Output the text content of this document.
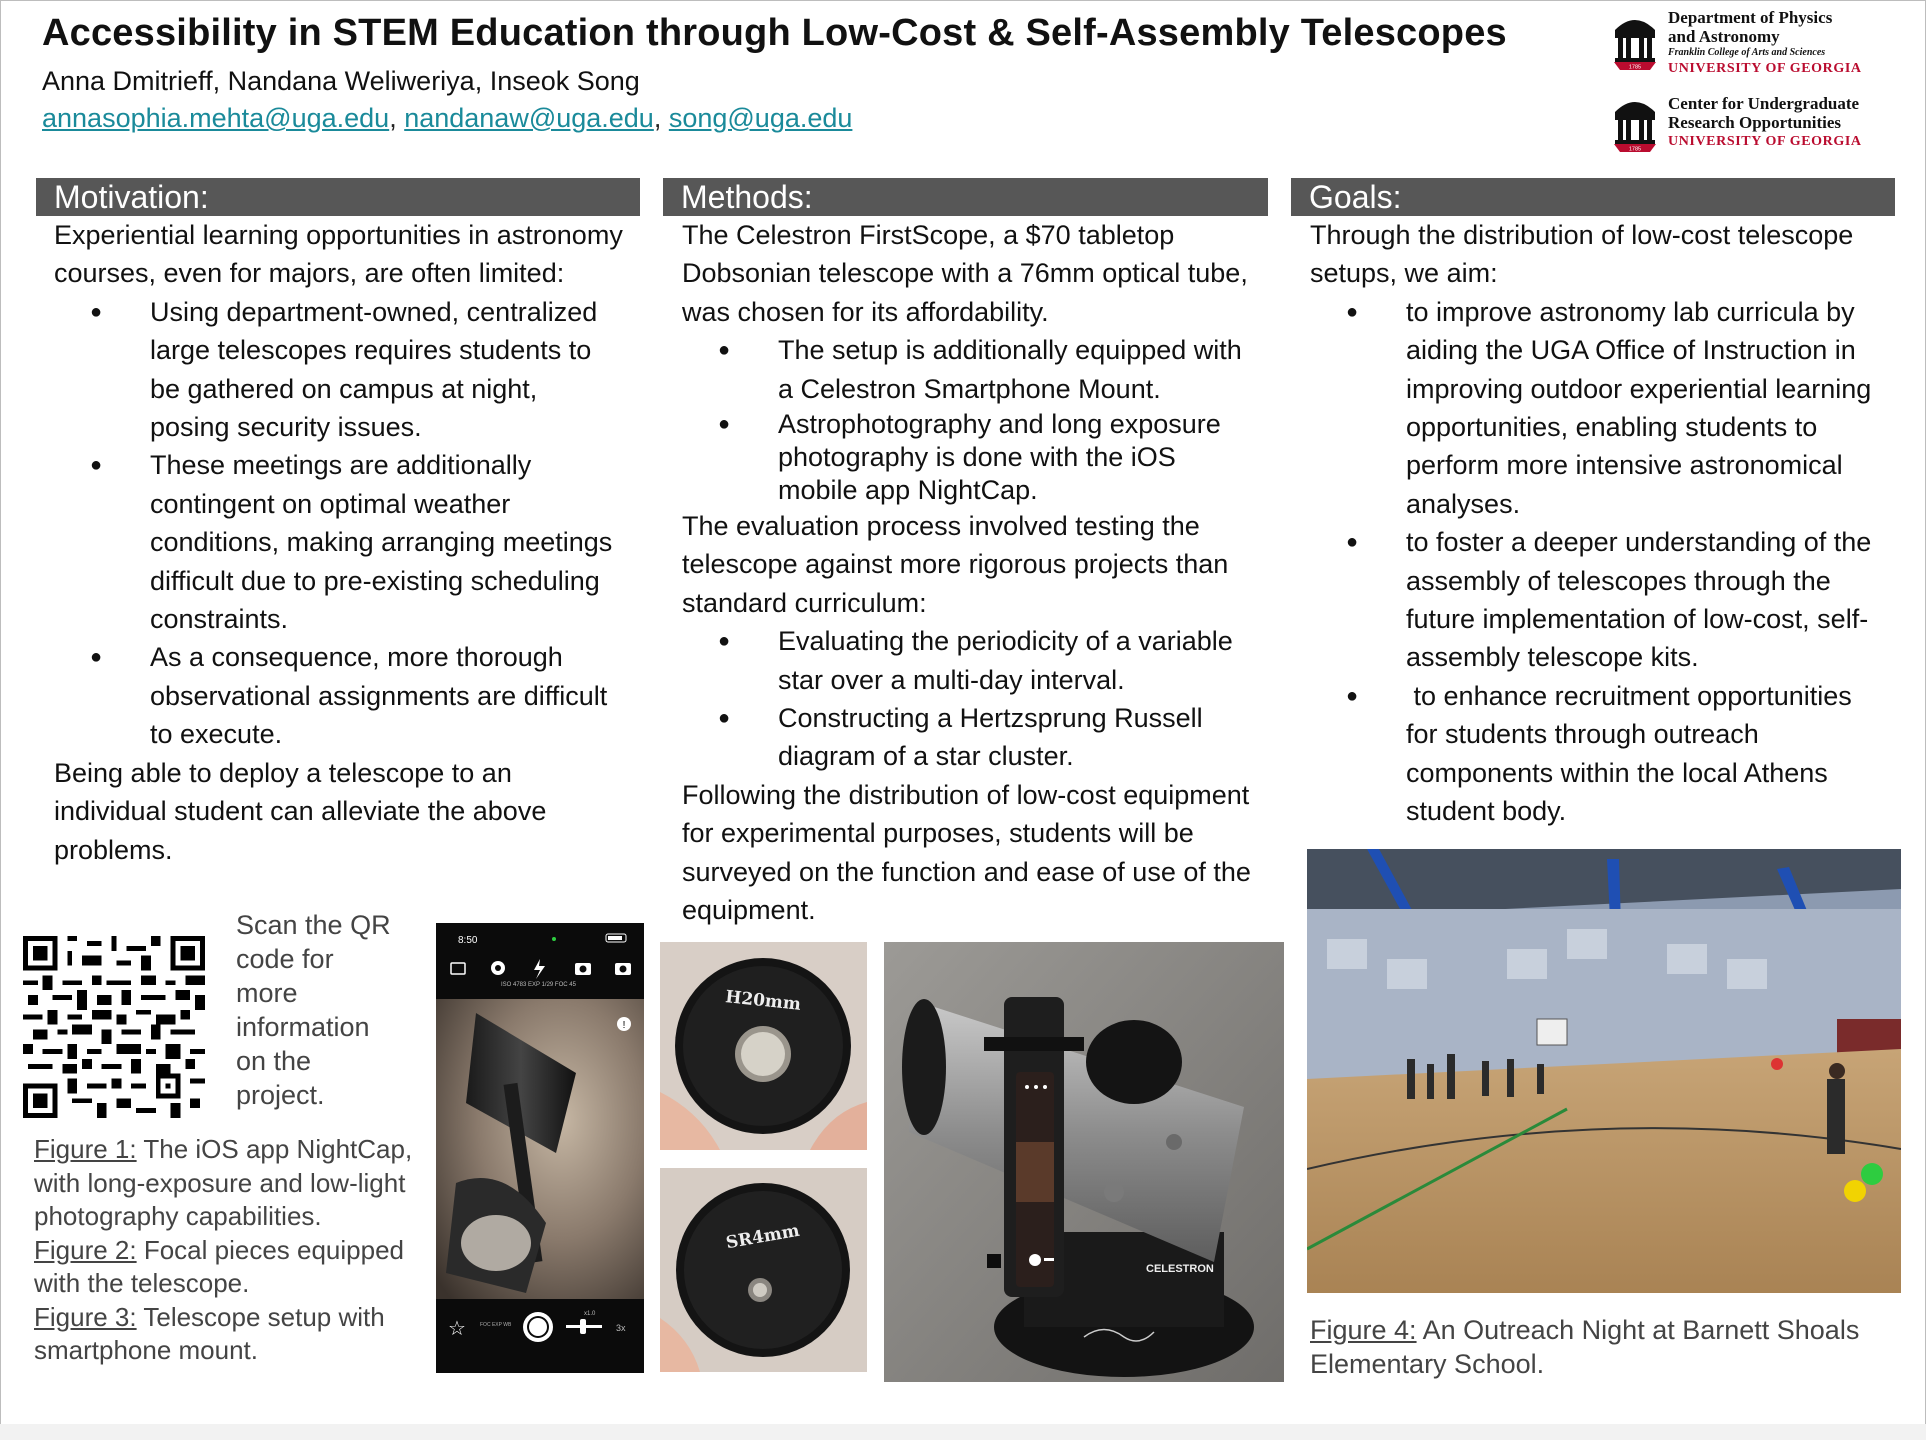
Accessibility in STEM Education through Low-Cost & Self-Assembly Telescopes
Anna Dmitrieff, Nandana Weliweriya, Inseok Song
annasophia.mehta@uga.edu, nandanaw@uga.edu, song@uga.edu
1785
Department of Physics
and Astronomy
Franklin College of Arts and Sciences
UNIVERSITY OF GEORGIA
1785
Center for Undergraduate
Research Opportunities
UNIVERSITY OF GEORGIA
Motivation:	Methods:	Goals:

Experiential learning opportunities in astronomy courses, even for majors, are often limited:

● Using department-owned, centralized large telescopes requires students to be gathered on campus at night, posing security issues.
● These meetings are additionally contingent on optimal weather conditions, making arranging meetings difficult due to pre-existing scheduling constraints.
● As a consequence, more thorough observational assignments are difficult to execute.

Being able to deploy a telescope to an individual student can alleviate the above problems.

The Celestron FirstScope, a $70 tabletop Dobsonian telescope with a 76mm optical tube, was chosen for its affordability.

● The setup is additionally equipped with a Celestron Smartphone Mount.
● Astrophotography and long exposure photography is done with the iOS mobile app NightCap.

The evaluation process involved testing the telescope against more rigorous projects than standard curriculum:

● Evaluating the periodicity of a variable star over a multi-day interval.
● Constructing a Hertzsprung Russell diagram of a star cluster.

Following the distribution of low-cost equipment for experimental purposes, students will be surveyed on the function and ease of use of the equipment.

Through the distribution of low-cost telescope setups, we aim:

● to improve astronomy lab curricula by aiding the UGA Office of Instruction in improving outdoor experiential learning opportunities, enabling students to perform more intensive astronomical analyses.
● to foster a deeper understanding of the assembly of telescopes through the future implementation of low-cost, self-assembly telescope kits.
●  to enhance recruitment opportunities for students through outreach components within the local Athens student body.
Scan the QR code for more information on the project.
Figure 1: The iOS app NightCap, with long-exposure and low-light photography capabilities.
Figure 2: Focal pieces equipped with the telescope.
Figure 3: Telescope setup with smartphone mount.
8:50
ISO 4783 EXP 1/29 FOC 45
!
☆	FOC EXP WB
x1.0
3x
H20mm
SR4mm
CELESTRON
Figure 4: An Outreach Night at Barnett Shoals Elementary School.
